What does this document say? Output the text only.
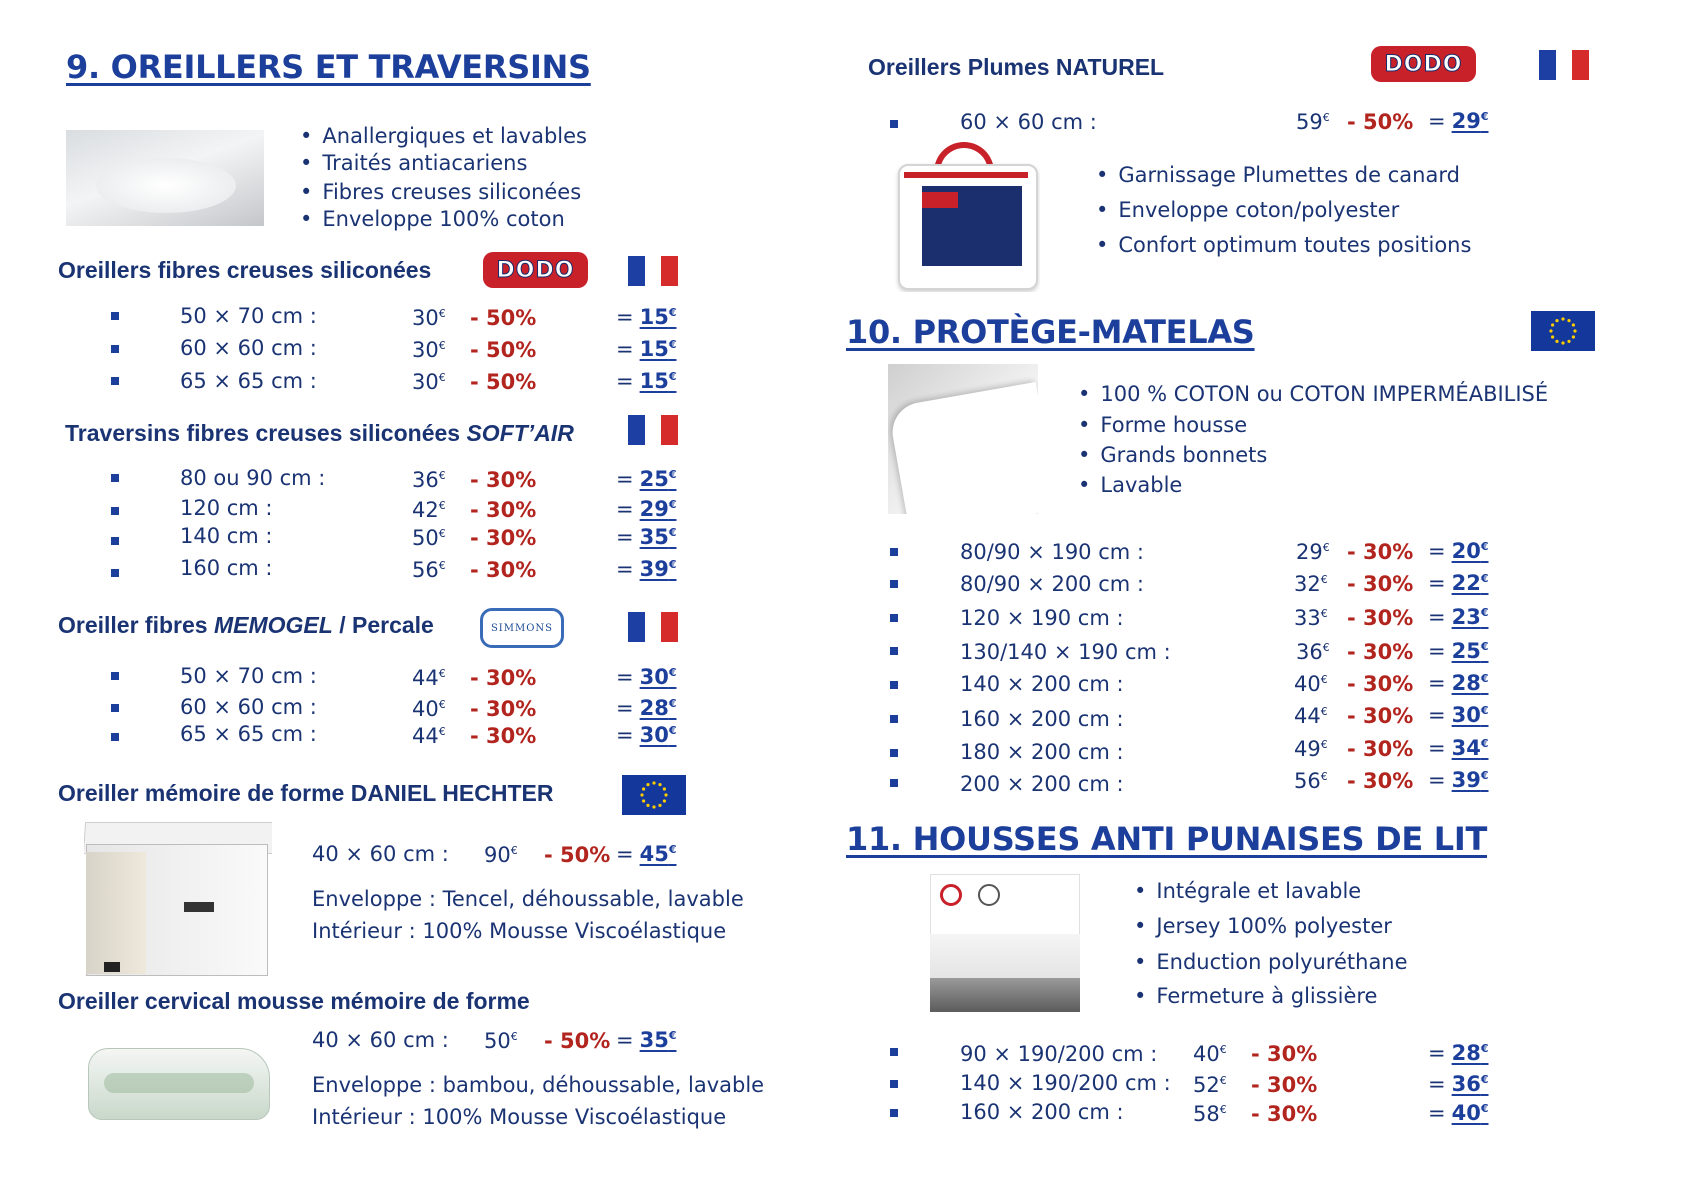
9. OREILLERS ET TRAVERSINS
• Anallergiques et lavables
• Traités antiacariens
• Fibres creuses siliconées
• Enveloppe 100% coton
Oreillers fibres creuses siliconées	DODO
50 × 70 cm :	30€ - 50%	= 15€
60 × 60 cm :	30€ - 50%	= 15€
65 × 65 cm :	30€ - 50%	= 15€
Traversins fibres creuses siliconées SOFT’AIR
80 ou 90 cm :	36€ - 30%	= 25€
120 cm :	42€ - 30%	= 29€
140 cm :	50€ - 30%	= 35€
160 cm :	56€ - 30%	= 39€
Oreiller fibres MEMOGEL / Percale	SIMMONS
50 × 70 cm :	44€ - 30%	= 30€
60 × 60 cm :	40€ - 30%	= 28€
65 × 65 cm :	44€ - 30%	= 30€
Oreiller mémoire de forme DANIEL HECHTER
40 × 60 cm : 90€ - 50% = 45€
Enveloppe : Tencel, déhoussable, lavable
Intérieur : 100% Mousse Viscoélastique
Oreiller cervical mousse mémoire de forme
40 × 60 cm : 50€ - 50% = 35€
Enveloppe : bambou, déhoussable, lavable
Intérieur : 100% Mousse Viscoélastique
Oreillers Plumes NATUREL	DODO
60 × 60 cm :	59€ - 50% = 29€
• Garnissage Plumettes de canard
• Enveloppe coton/polyester
• Confort optimum toutes positions
10. PROTÈGE-MATELAS
• 100 % COTON ou COTON IMPERMÉABILISÉ
• Forme housse
• Grands bonnets
• Lavable
80/90 × 190 cm :	29€ - 30% = 20€
80/90 × 200 cm :	32€ - 30% = 22€
120 × 190 cm :	33€ - 30% = 23€
130/140 × 190 cm :	36€ - 30% = 25€
140 × 200 cm :	40€ - 30% = 28€
160 × 200 cm :	44€ - 30% = 30€
180 × 200 cm :	49€ - 30% = 34€
200 × 200 cm :	56€ - 30% = 39€
11. HOUSSES ANTI PUNAISES DE LIT
• Intégrale et lavable
• Jersey 100% polyester
• Enduction polyuréthane
• Fermeture à glissière
90 × 190/200 cm : 40€ - 30%	= 28€
140 × 190/200 cm : 52€ - 30%	= 36€
160 × 200 cm :	58€ - 30%	= 40€
